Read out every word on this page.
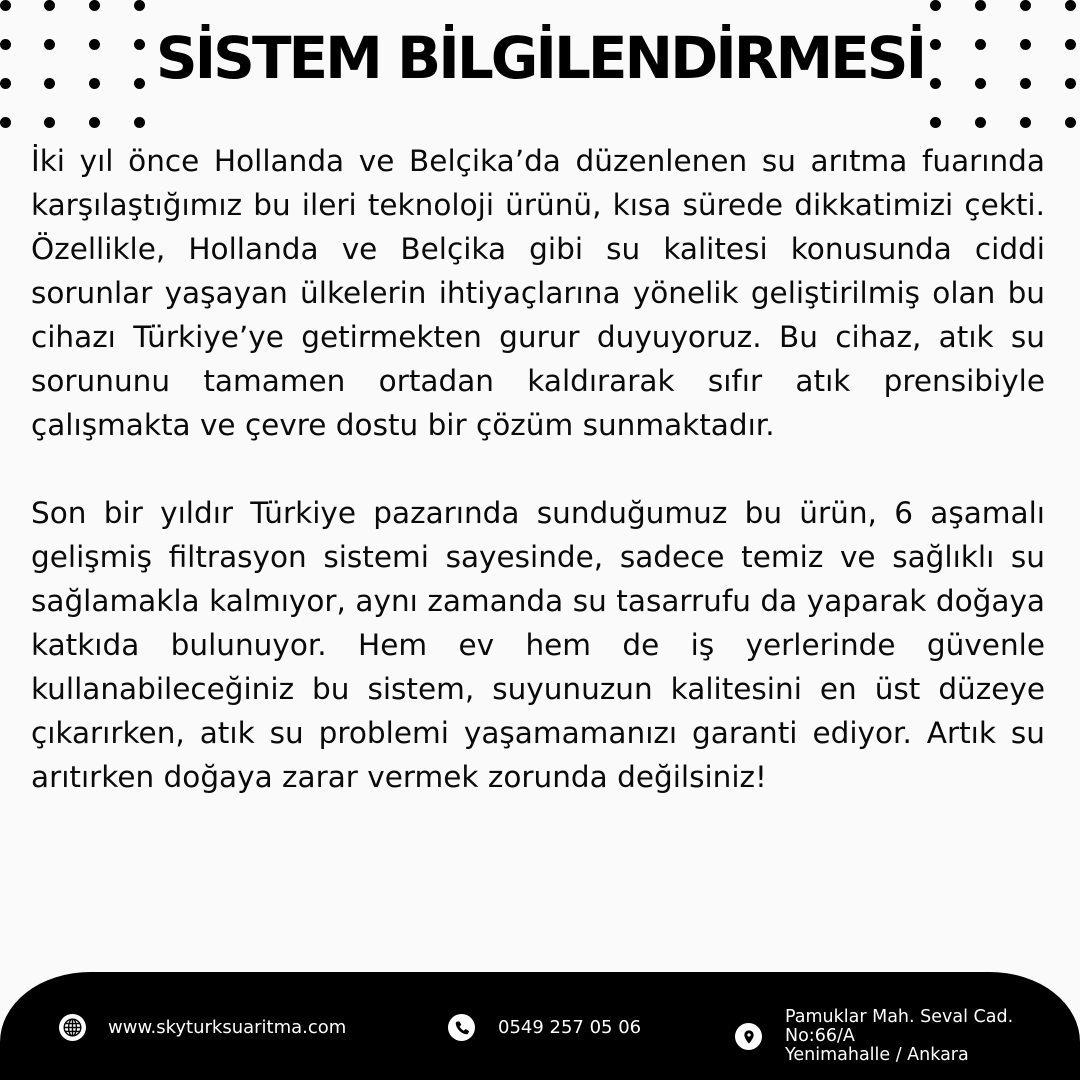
SİSTEM BİLGİLENDİRMESİ

İki yıl önce Hollanda ve Belçika’da düzenlenen su arıtma fuarında karşılaştığımız bu ileri teknoloji ürünü, kısa sürede dikkatimizi çekti. Özellikle, Hollanda ve Belçika gibi su kalitesi konusunda ciddi sorunlar yaşayan ülkelerin ihtiyaçlarına yönelik geliştirilmiş olan bu cihazı Türkiye’ye getirmekten gurur duyuyoruz. Bu cihaz, atık su sorununu tamamen ortadan kaldırarak sıfır atık prensibiyle çalışmakta ve çevre dostu bir çözüm sunmaktadır.

Son bir yıldır Türkiye pazarında sunduğumuz bu ürün, 6 aşamalı gelişmiş filtrasyon sistemi sayesinde, sadece temiz ve sağlıklı su sağlamakla kalmıyor, aynı zamanda su tasarrufu da yaparak doğaya katkıda bulunuyor. Hem ev hem de iş yerlerinde güvenle kullanabileceğiniz bu sistem, suyunuzun kalitesini en üst düzeye çıkarırken, atık su problemi yaşamamanızı garanti ediyor. Artık su arıtırken doğaya zarar vermek zorunda değilsiniz!

www.skyturksuaritma.com	0549 257 05 06	Pamuklar Mah. Seval Cad.
No:66/A
Yenimahalle / Ankara
